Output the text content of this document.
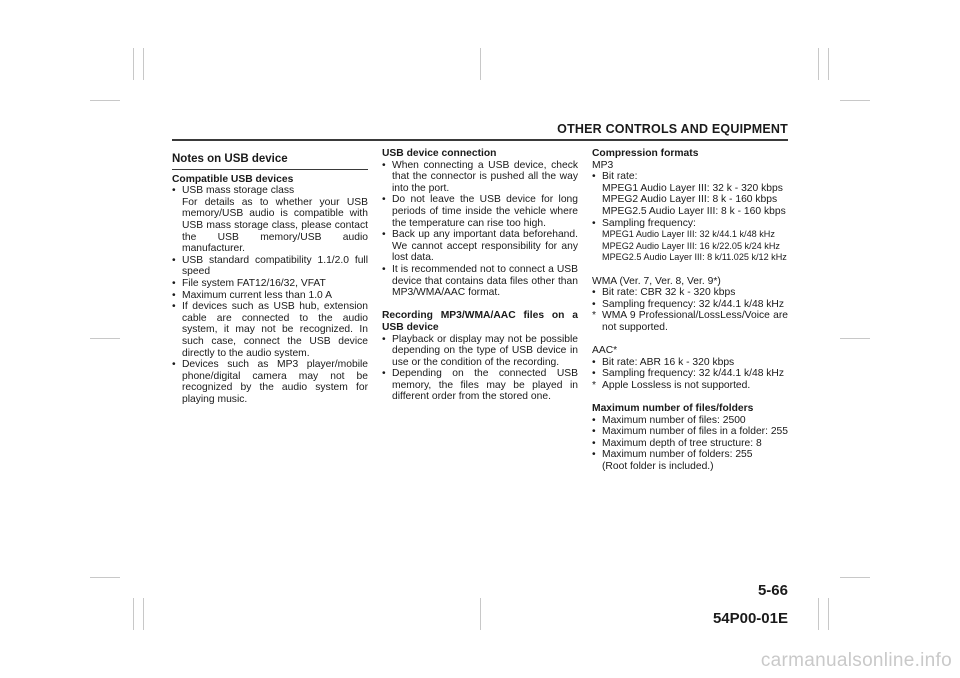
OTHER CONTROLS AND EQUIPMENT
Notes on USB device
Compatible USB devices
• USB mass storage class
For details as to whether your USB memory/USB audio is compatible with USB mass storage class, please contact the USB memory/USB audio manufacturer.
• USB standard compatibility 1.1/2.0 full speed
• File system FAT12/16/32, VFAT
• Maximum current less than 1.0 A
• If devices such as USB hub, extension cable are connected to the audio system, it may not be recognized. In such case, connect the USB device directly to the audio system.
• Devices such as MP3 player/mobile phone/digital camera may not be recognized by the audio system for playing music.
USB device connection
• When connecting a USB device, check that the connector is pushed all the way into the port.
• Do not leave the USB device for long periods of time inside the vehicle where the temperature can rise too high.
• Back up any important data beforehand. We cannot accept responsibility for any lost data.
• It is recommended not to connect a USB device that contains data files other than MP3/WMA/AAC format.
Recording MP3/WMA/AAC files on a USB device
• Playback or display may not be possible depending on the type of USB device in use or the condition of the recording.
• Depending on the connected USB memory, the files may be played in different order from the stored one.
Compression formats
MP3
• Bit rate:
MPEG1 Audio Layer III: 32 k - 320 kbps
MPEG2 Audio Layer III: 8 k - 160 kbps
MPEG2.5 Audio Layer III: 8 k - 160 kbps
• Sampling frequency:
MPEG1 Audio Layer III: 32 k/44.1 k/48 kHz
MPEG2 Audio Layer III: 16 k/22.05 k/24 kHz
MPEG2.5 Audio Layer III: 8 k/11.025 k/12 kHz
WMA (Ver. 7, Ver. 8, Ver. 9*)
• Bit rate: CBR 32 k - 320 kbps
• Sampling frequency: 32 k/44.1 k/48 kHz
* WMA 9 Professional/LossLess/Voice are not supported.
AAC*
• Bit rate: ABR 16 k - 320 kbps
• Sampling frequency: 32 k/44.1 k/48 kHz
* Apple Lossless is not supported.
Maximum number of files/folders
• Maximum number of files: 2500
• Maximum number of files in a folder: 255
• Maximum depth of tree structure: 8
• Maximum number of folders: 255
(Root folder is included.)
5-66
54P00-01E
carmanualsonline.info
